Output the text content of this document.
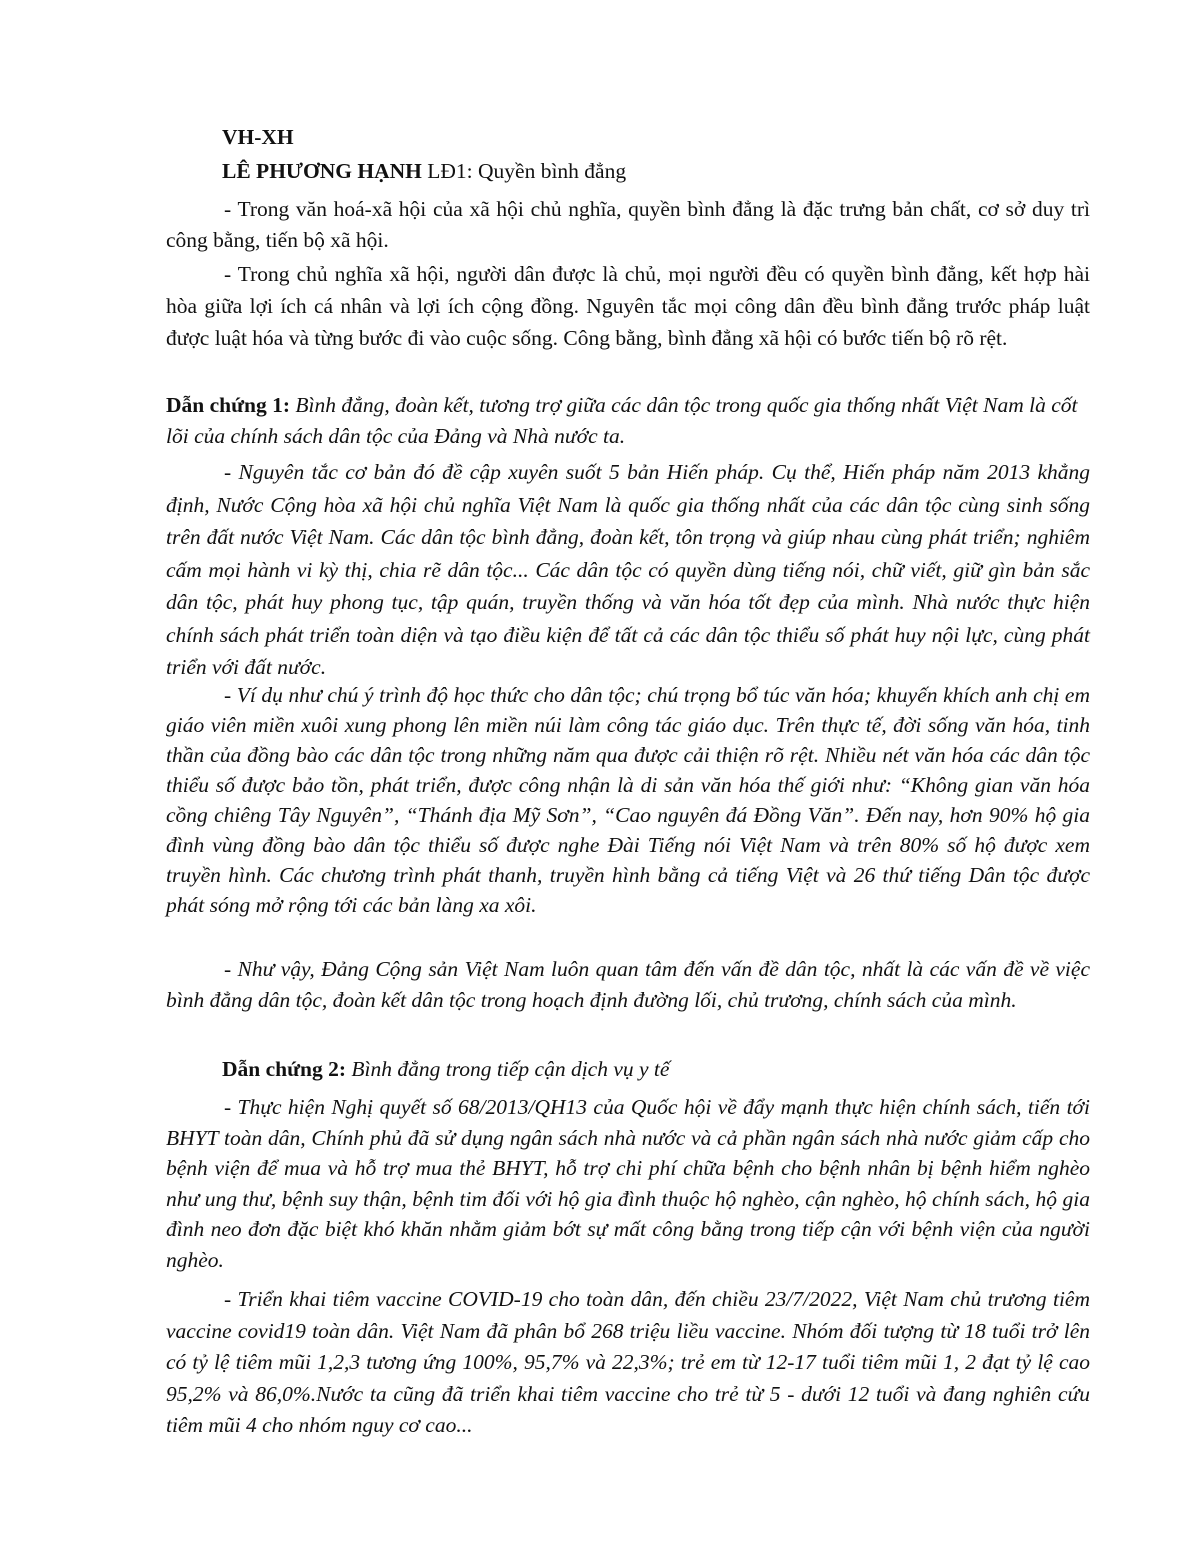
VH-XH

LÊ PHƯƠNG HẠNH LĐ1: Quyền bình đẳng

- Trong văn hoá-xã hội của xã hội chủ nghĩa, quyền bình đẳng là đặc trưng bản chất, cơ sở duy trì công bằng, tiến bộ xã hội.

- Trong chủ nghĩa xã hội, người dân được là chủ, mọi người đều có quyền bình đẳng, kết hợp hài hòa giữa lợi ích cá nhân và lợi ích cộng đồng. Nguyên tắc mọi công dân đều bình đẳng trước pháp luật được luật hóa và từng bước đi vào cuộc sống. Công bằng, bình đẳng xã hội có bước tiến bộ rõ rệt.

Dẫn chứng 1: Bình đẳng, đoàn kết, tương trợ giữa các dân tộc trong quốc gia thống nhất Việt Nam là cốt lõi của chính sách dân tộc của Đảng và Nhà nước ta.

- Nguyên tắc cơ bản đó đề cập xuyên suốt 5 bản Hiến pháp. Cụ thể, Hiến pháp năm 2013 khẳng định, Nước Cộng hòa xã hội chủ nghĩa Việt Nam là quốc gia thống nhất của các dân tộc cùng sinh sống trên đất nước Việt Nam. Các dân tộc bình đẳng, đoàn kết, tôn trọng và giúp nhau cùng phát triển; nghiêm cấm mọi hành vi kỳ thị, chia rẽ dân tộc... Các dân tộc có quyền dùng tiếng nói, chữ viết, giữ gìn bản sắc dân tộc, phát huy phong tục, tập quán, truyền thống và văn hóa tốt đẹp của mình. Nhà nước thực hiện chính sách phát triển toàn diện và tạo điều kiện để tất cả các dân tộc thiểu số phát huy nội lực, cùng phát triển với đất nước.

- Ví dụ như chú ý trình độ học thức cho dân tộc; chú trọng bổ túc văn hóa; khuyến khích anh chị em giáo viên miền xuôi xung phong lên miền núi làm công tác giáo dục. Trên thực tế, đời sống văn hóa, tinh thần của đồng bào các dân tộc trong những năm qua được cải thiện rõ rệt. Nhiều nét văn hóa các dân tộc thiểu số được bảo tồn, phát triển, được công nhận là di sản văn hóa thế giới như: “Không gian văn hóa cồng chiêng Tây Nguyên”, “Thánh địa Mỹ Sơn”, “Cao nguyên đá Đồng Văn”. Đến nay, hơn 90% hộ gia đình vùng đồng bào dân tộc thiểu số được nghe Đài Tiếng nói Việt Nam và trên 80% số hộ được xem truyền hình. Các chương trình phát thanh, truyền hình bằng cả tiếng Việt và 26 thứ tiếng Dân tộc được phát sóng mở rộng tới các bản làng xa xôi.

- Như vậy, Đảng Cộng sản Việt Nam luôn quan tâm đến vấn đề dân tộc, nhất là các vấn đề về việc bình đẳng dân tộc, đoàn kết dân tộc trong hoạch định đường lối, chủ trương, chính sách của mình.

Dẫn chứng 2: Bình đẳng trong tiếp cận dịch vụ y tế

- Thực hiện Nghị quyết số 68/2013/QH13 của Quốc hội về đẩy mạnh thực hiện chính sách, tiến tới BHYT toàn dân, Chính phủ đã sử dụng ngân sách nhà nước và cả phần ngân sách nhà nước giảm cấp cho bệnh viện để mua và hỗ trợ mua thẻ BHYT, hỗ trợ chi phí chữa bệnh cho bệnh nhân bị bệnh hiểm nghèo như ung thư, bệnh suy thận, bệnh tim đối với hộ gia đình thuộc hộ nghèo, cận nghèo, hộ chính sách, hộ gia đình neo đơn đặc biệt khó khăn nhằm giảm bớt sự mất công bằng trong tiếp cận với bệnh viện của người nghèo.

- Triển khai tiêm vaccine COVID-19 cho toàn dân, đến chiều 23/7/2022, Việt Nam chủ trương tiêm vaccine covid19 toàn dân. Việt Nam đã phân bổ 268 triệu liều vaccine. Nhóm đối tượng từ 18 tuổi trở lên có tỷ lệ tiêm mũi 1,2,3 tương ứng 100%, 95,7% và 22,3%; trẻ em từ 12-17 tuổi tiêm mũi 1, 2 đạt tỷ lệ cao 95,2% và 86,0%.Nước ta cũng đã triển khai tiêm vaccine cho trẻ từ 5 - dưới 12 tuổi và đang nghiên cứu tiêm mũi 4 cho nhóm nguy cơ cao...
